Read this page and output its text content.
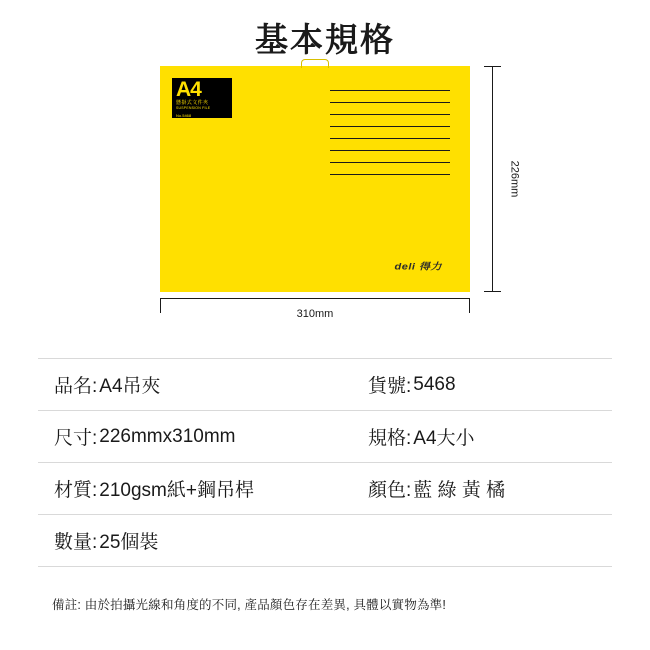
基本規格
A4
懸掛式文件夾
SUSPENSION FILE
No.5468
deli 得力
226mm
310mm
品名: A4吊夾	貨號: 5468
尺寸: 226mmx310mm	規格: A4大小
材質: 210gsm紙+鋼吊桿	顏色: 藍 綠 黃 橘
數量: 25個裝
備註: 由於拍攝光線和角度的不同, 產品顏色存在差異, 具體以實物為準!
